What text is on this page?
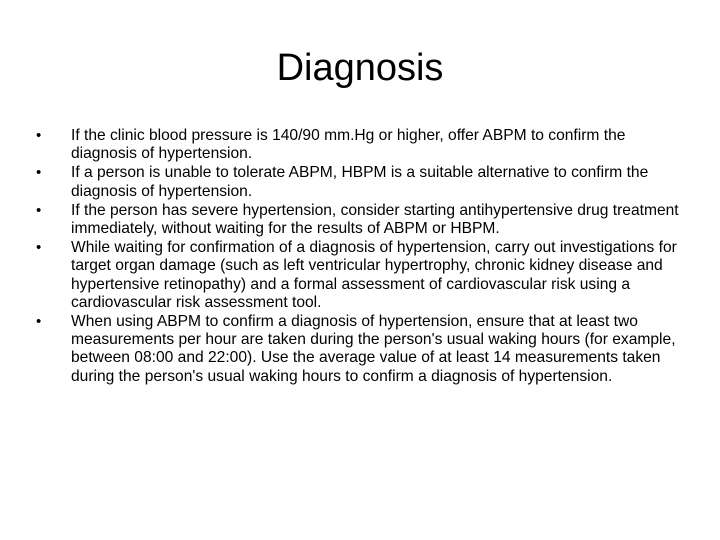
Diagnosis
•	If the clinic blood pressure is 140/90 mm.Hg or higher, offer ABPM to confirm the diagnosis of hypertension.
•	If a person is unable to tolerate ABPM, HBPM is a suitable alternative to confirm the diagnosis of hypertension.
•	If the person has severe hypertension, consider starting antihypertensive drug treatment immediately, without waiting for the results of ABPM or HBPM.
•	While waiting for confirmation of a diagnosis of hypertension, carry out investigations for target organ damage (such as left ventricular hypertrophy, chronic kidney disease and hypertensive retinopathy) and a formal assessment of cardiovascular risk using a cardiovascular risk assessment tool.
•	When using ABPM to confirm a diagnosis of hypertension, ensure that at least two measurements per hour are taken during the person's usual waking hours (for example, between 08:00 and 22:00). Use the average value of at least 14 measurements taken during the person's usual waking hours to confirm a diagnosis of hypertension.
